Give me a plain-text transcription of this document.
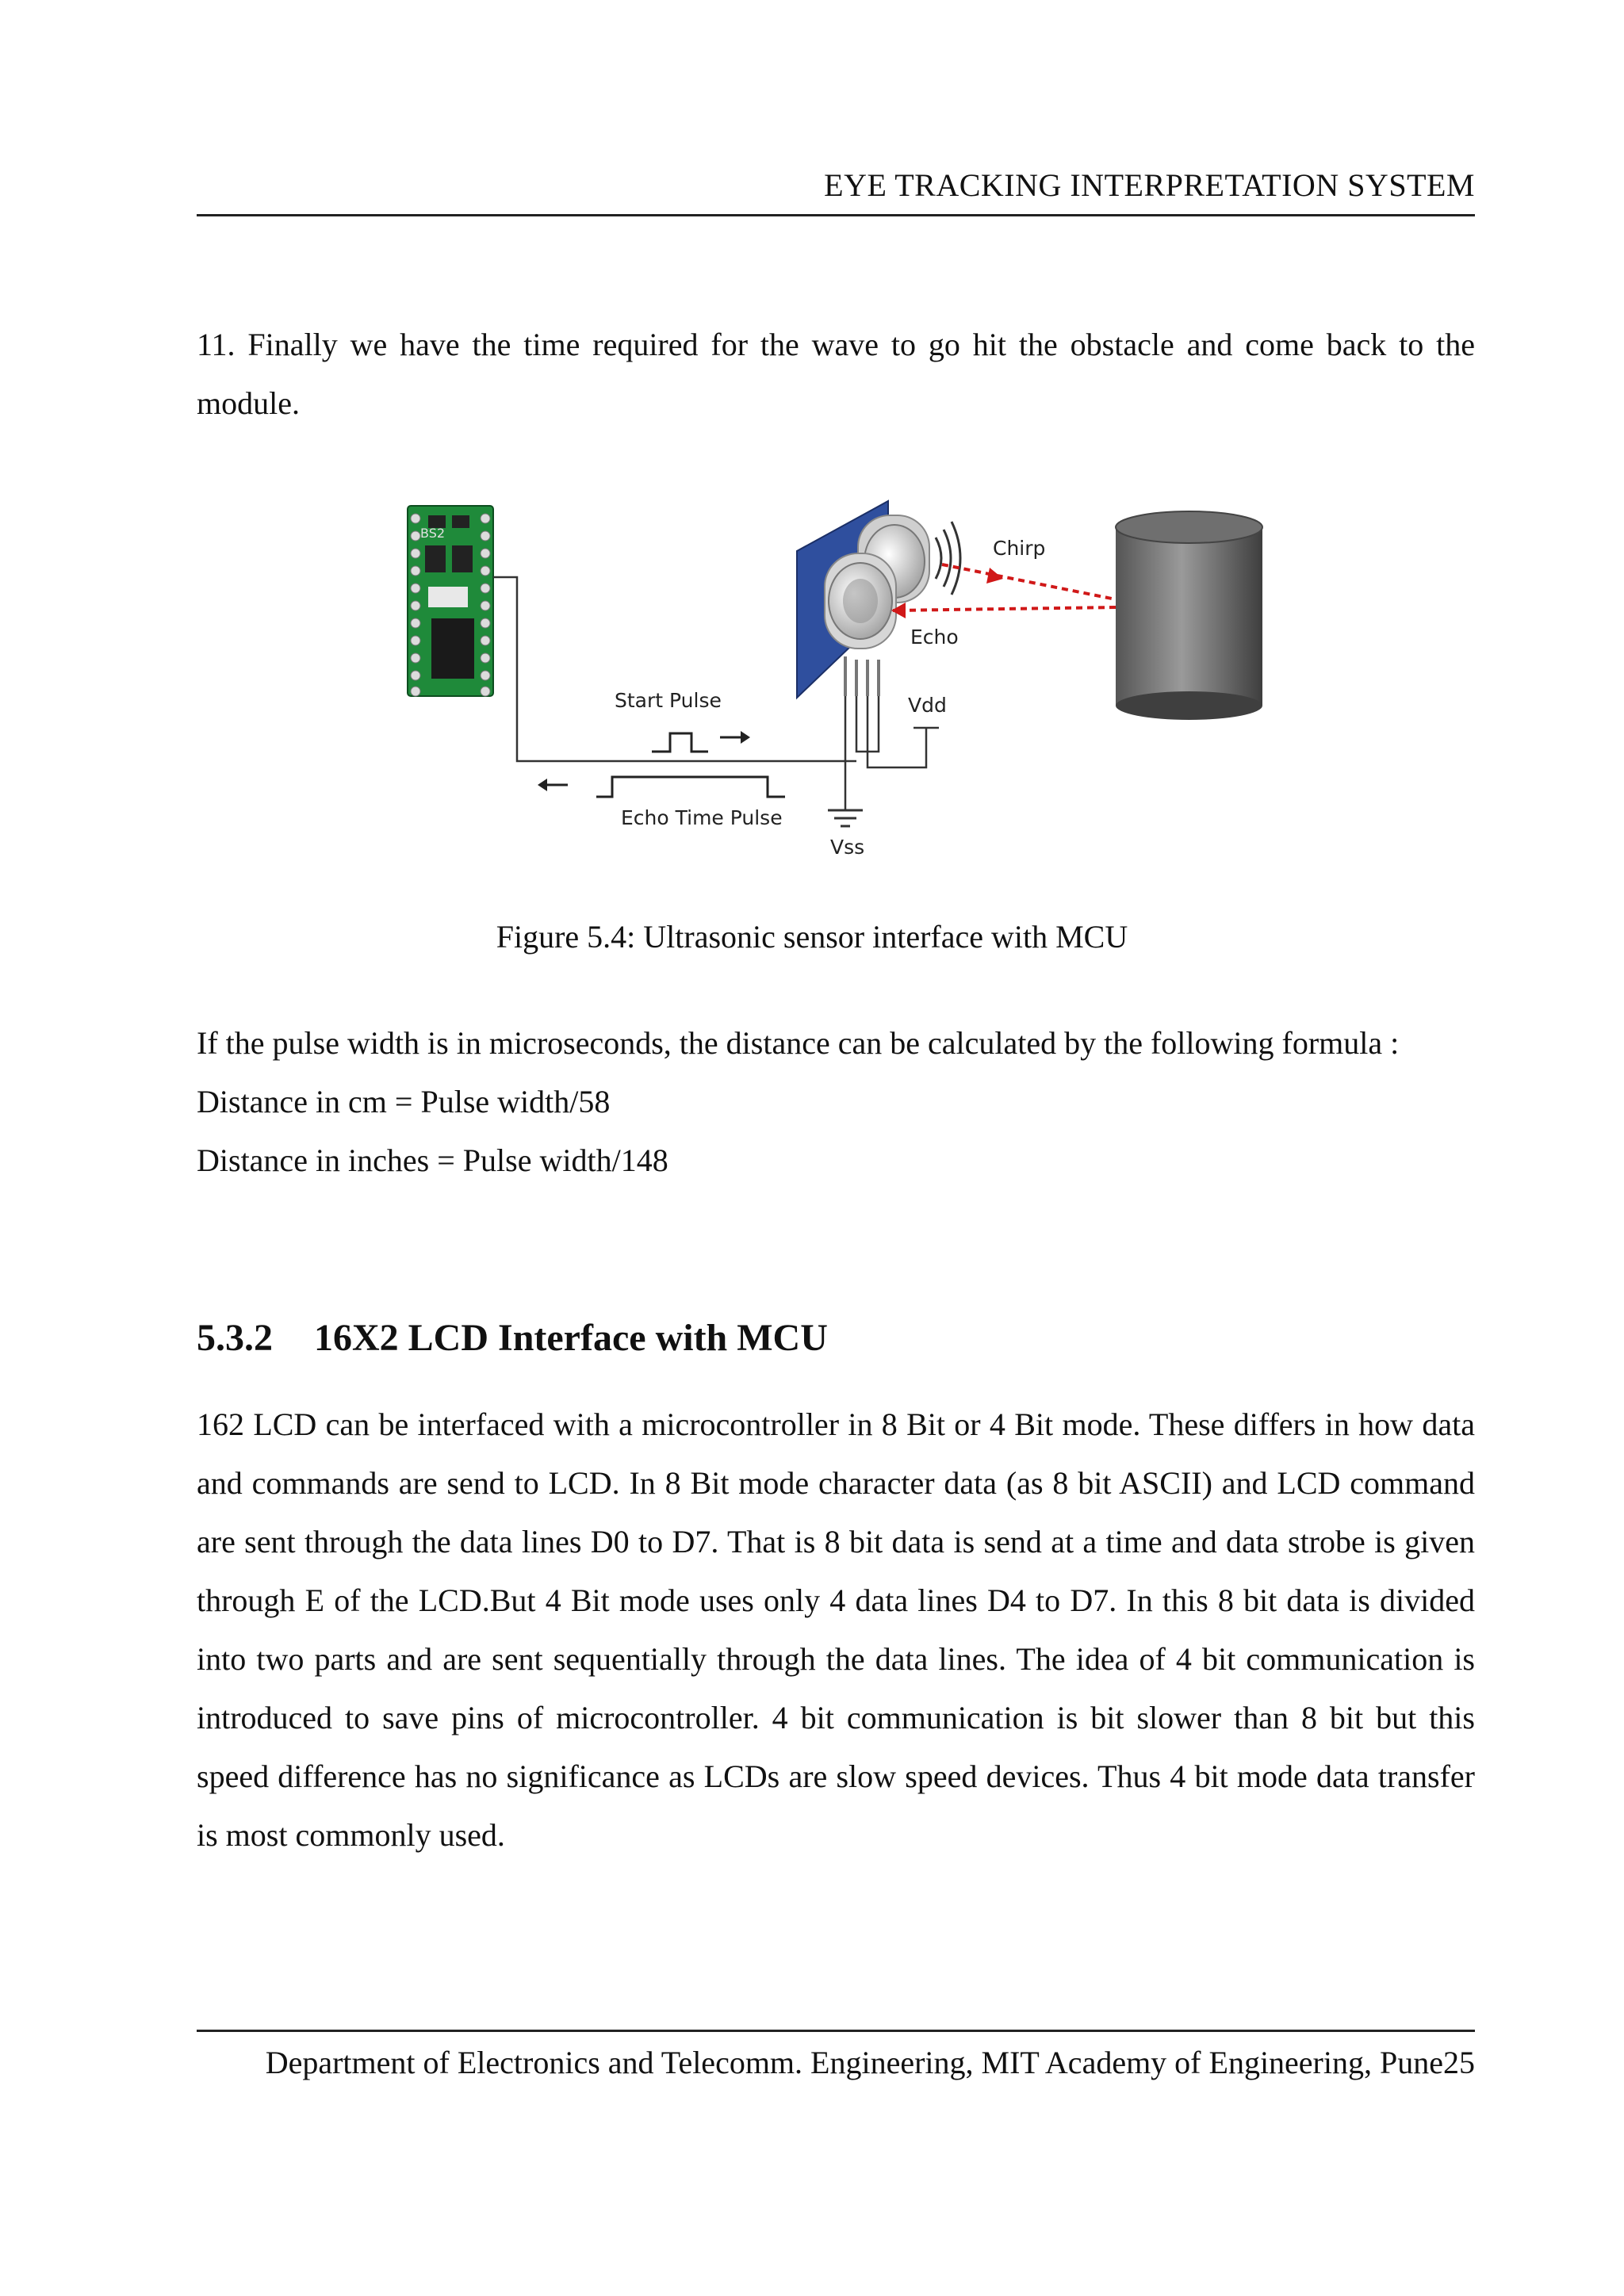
EYE TRACKING INTERPRETATION SYSTEM

11. Finally we have the time required for the wave to go hit the obstacle and come back to the module.

BS2
Chirp
Echo
Start Pulse
Echo Time Pulse
Vdd
Vss
Figure 5.4: Ultrasonic sensor interface with MCU
If the pulse width is in microseconds, the distance can be calculated by the following formula :
Distance in cm = Pulse width/58
Distance in inches = Pulse width/148
5.3.2 16X2 LCD Interface with MCU

162 LCD can be interfaced with a microcontroller in 8 Bit or 4 Bit mode. These differs in how data and commands are send to LCD. In 8 Bit mode character data (as 8 bit ASCII) and LCD command are sent through the data lines D0 to D7. That is 8 bit data is send at a time and data strobe is given through E of the LCD.But 4 Bit mode uses only 4 data lines D4 to D7. In this 8 bit data is divided into two parts and are sent sequentially through the data lines. The idea of 4 bit communication is introduced to save pins of microcontroller. 4 bit communication is bit slower than 8 bit but this speed difference has no significance as LCDs are slow speed devices. Thus 4 bit mode data transfer is most commonly used.

Department of Electronics and Telecomm. Engineering, MIT Academy of Engineering, Pune25
